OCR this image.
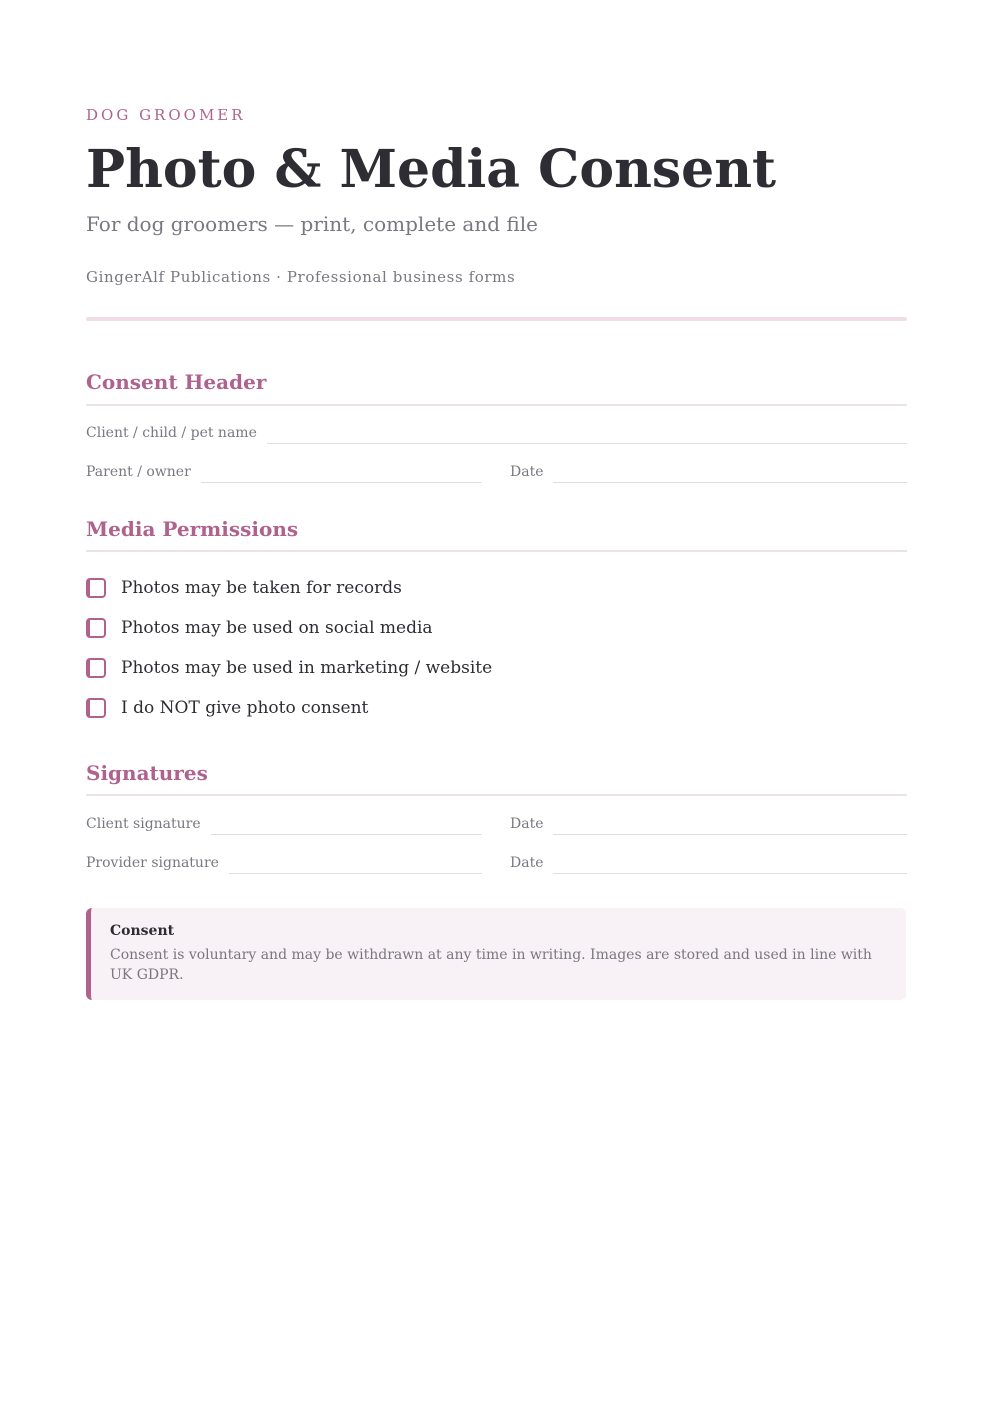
DOG GROOMER

Photo & Media Consent

For dog groomers — print, complete and file

GingerAlf Publications · Professional business forms

Consent Header
Client / child / pet name
Parent / owner	Date
Media Permissions
Photos may be taken for records
Photos may be used on social media
Photos may be used in marketing / website
I do NOT give photo consent
Signatures
Client signature	Date
Provider signature	Date

Consent

Consent is voluntary and may be withdrawn at any time in writing. Images are stored and used in line with UK GDPR.
